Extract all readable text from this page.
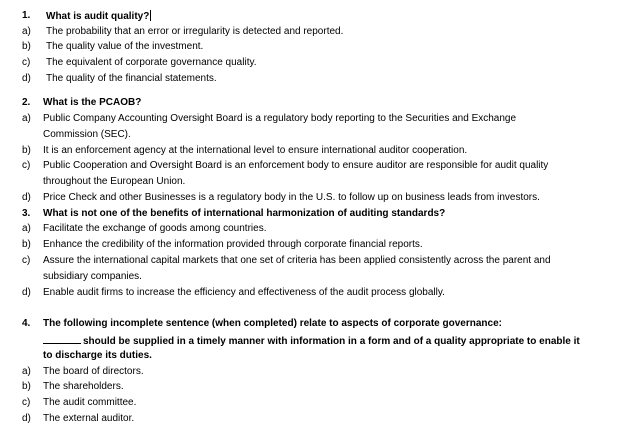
1. What is audit quality?
a) The probability that an error or irregularity is detected and reported.
b) The quality value of the investment.
c) The equivalent of corporate governance quality.
d) The quality of the financial statements.
2. What is the PCAOB?
a) Public Company Accounting Oversight Board is a regulatory body reporting to the Securities and Exchange
Commission (SEC).
b) It is an enforcement agency at the international level to ensure international auditor cooperation.
c) Public Cooperation and Oversight Board is an enforcement body to ensure auditor are responsible for audit quality
throughout the European Union.
d) Price Check and other Businesses is a regulatory body in the U.S. to follow up on business leads from investors.
3. What is not one of the benefits of international harmonization of auditing standards?
a) Facilitate the exchange of goods among countries.
b) Enhance the credibility of the information provided through corporate financial reports.
c) Assure the international capital markets that one set of criteria has been applied consistently across the parent and
subsidiary companies.
d) Enable audit firms to increase the efficiency and effectiveness of the audit process globally.
4. The following incomplete sentence (when completed) relate to aspects of corporate governance:
should be supplied in a timely manner with information in a form and of a quality appropriate to enable it
to discharge its duties.
a) The board of directors.
b) The shareholders.
c) The audit committee.
d) The external auditor.
